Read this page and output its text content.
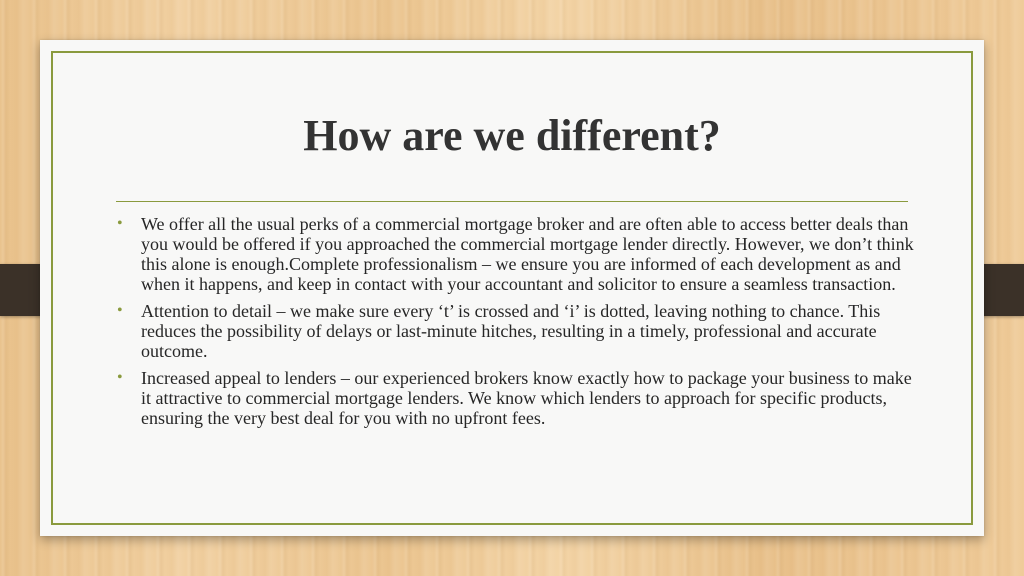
How are we different?
• We offer all the usual perks of a commercial mortgage broker and are often able to access better deals than you would be offered if you approached the commercial mortgage lender directly. However, we don’t think this alone is enough.Complete professionalism – we ensure you are informed of each development as and when it happens, and keep in contact with your accountant and solicitor to ensure a seamless transaction.
• Attention to detail – we make sure every ‘t’ is crossed and ‘i’ is dotted, leaving nothing to chance. This reduces the possibility of delays or last-minute hitches, resulting in a timely, professional and accurate outcome.
• Increased appeal to lenders – our experienced brokers know exactly how to package your business to make it attractive to commercial mortgage lenders. We know which lenders to approach for specific products, ensuring the very best deal for you with no upfront fees.
